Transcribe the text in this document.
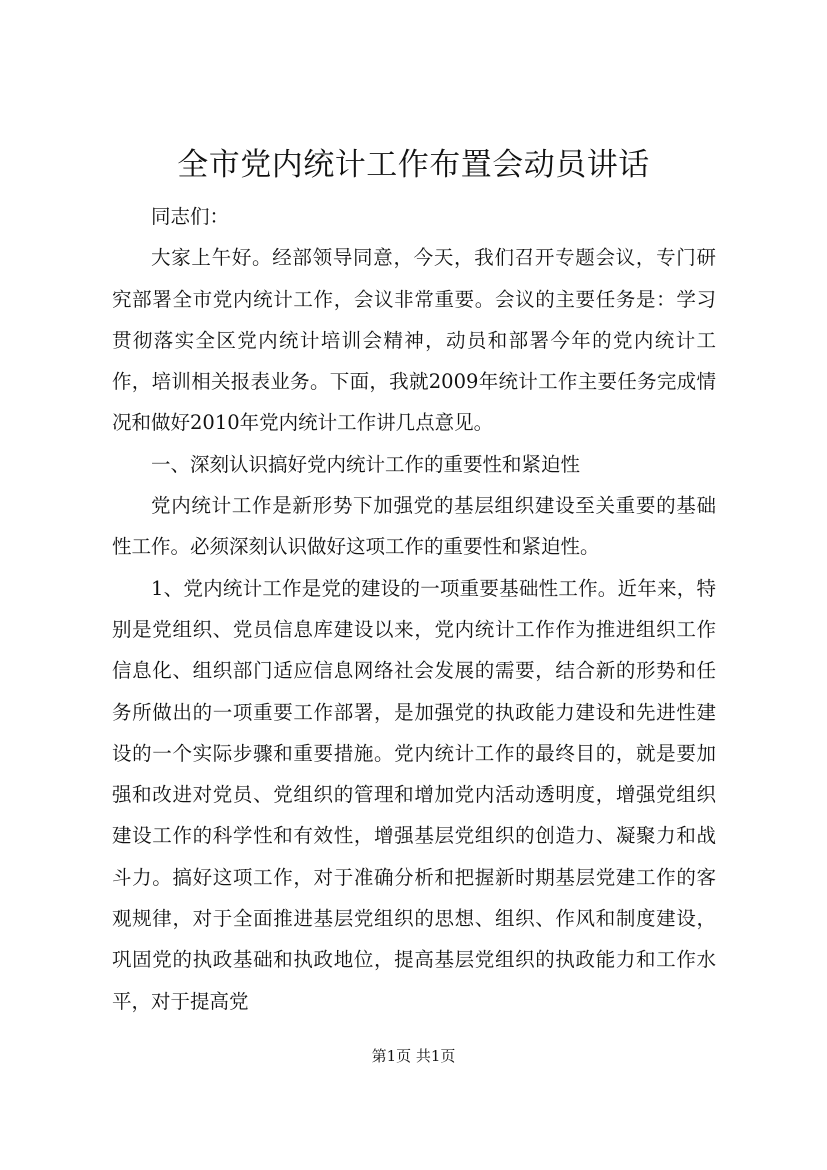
全市党内统计工作布置会动员讲话

同志们：

大家上午好。经部领导同意，今天，我们召开专题会议，专门研究部署全市党内统计工作，会议非常重要。会议的主要任务是：学习贯彻落实全区党内统计培训会精神，动员和部署今年的党内统计工作，培训相关报表业务。下面，我就2009年统计工作主要任务完成情况和做好2010年党内统计工作讲几点意见。

一、深刻认识搞好党内统计工作的重要性和紧迫性

党内统计工作是新形势下加强党的基层组织建设至关重要的基础性工作。必须深刻认识做好这项工作的重要性和紧迫性。

1、党内统计工作是党的建设的一项重要基础性工作。近年来，特别是党组织、党员信息库建设以来，党内统计工作作为推进组织工作信息化、组织部门适应信息网络社会发展的需要，结合新的形势和任务所做出的一项重要工作部署，是加强党的执政能力建设和先进性建设的一个实际步骤和重要措施。党内统计工作的最终目的，就是要加强和改进对党员、党组织的管理和增加党内活动透明度，增强党组织建设工作的科学性和有效性，增强基层党组织的创造力、凝聚力和战斗力。搞好这项工作，对于准确分析和把握新时期基层党建工作的客观规律，对于全面推进基层党组织的思想、组织、作风和制度建设，巩固党的执政基础和执政地位，提高基层党组织的执政能力和工作水平，对于提高党

第1页 共1页
